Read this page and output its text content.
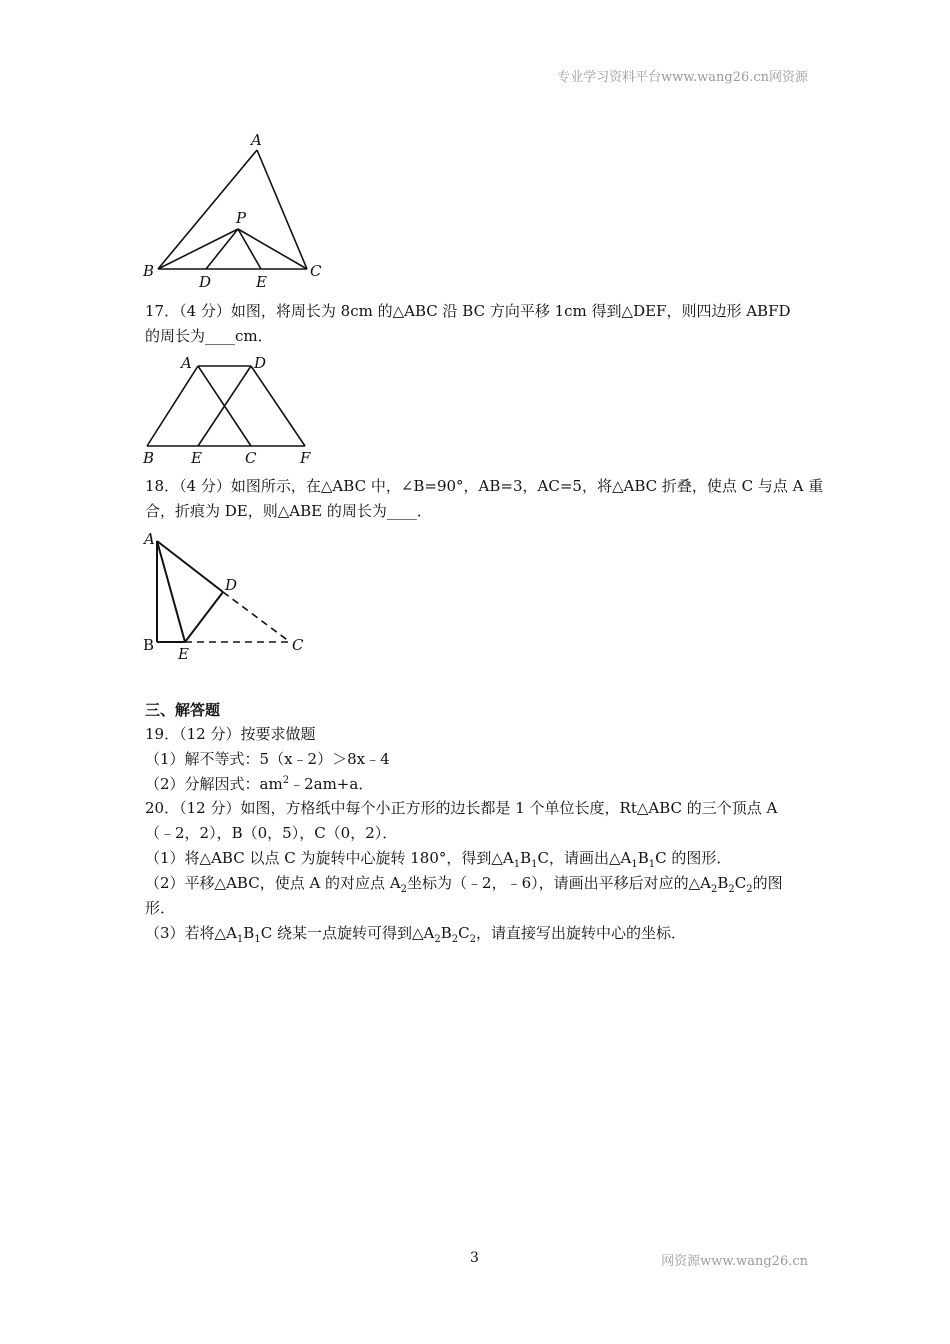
专业学习资料平台www.wang26.cn网资源
A
P
B
D	E
C
17．（4 分）如图，将周长为 8cm 的△ABC 沿 BC 方向平移 1cm 得到△DEF，则四边形 ABFD
的周长为____cm．
A	D
B E	C	F
18．（4 分）如图所示，在△ABC 中，∠B=90°，AB=3，AC=5，将△ABC 折叠，使点 C 与点 A 重
合，折痕为 DE，则△ABE 的周长为____．
A
D
B E	C
三、解答题
19．（12 分）按要求做题
（1）解不等式：5（x﹣2）＞8x﹣4
（2）分解因式：$am^2﹣2am+a$．
20．（12 分）如图，方格纸中每个小正方形的边长都是 1 个单位长度，Rt△ABC 的三个顶点 A
（﹣2，2），B（0，5），C（0，2）．
（1）将△ABC 以点 C 为旋转中心旋转 180°，得到$\triangle A_1B_1C$，请画出$\triangle A_1B_1C$ 的图形．
（2）平移△ABC，使点 A 的对应点 $A_2$坐标为（﹣2，﹣6），请画出平移后对应的$\triangle A_2B_2C_2$的图
形．
（3）若将$\triangle A_1B_1C$ 绕某一点旋转可得到$\triangle A_2B_2C_2$，请直接写出旋转中心的坐标．
3	网资源www.wang26.cn
